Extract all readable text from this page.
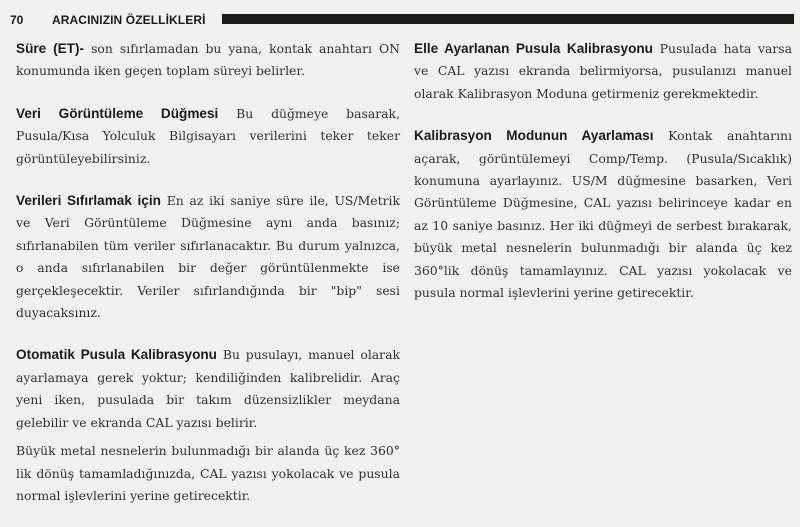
70 ARACINIZIN ÖZELLİKLERİ

Süre (ET)- son sıfırlamadan bu yana, kontak anahtarı ON konumunda iken geçen toplam süreyi belirler.

Veri Görüntüleme Düğmesi Bu düğmeye basarak, Pusula/Kısa Yolculuk Bilgisayarı verilerini teker teker görüntüleyebilirsiniz.

Verileri Sıfırlamak için En az iki saniye süre ile, US/Metrik ve Veri Görüntüleme Düğmesine aynı anda basınız; sıfırlanabilen tüm veriler sıfırlanacaktır. Bu durum yalnızca, o anda sıfırlanabilen bir değer görüntülenmekte ise gerçekleşecektir. Veriler sıfırlandığında bir "bip" sesi duyacaksınız.

Otomatik Pusula Kalibrasyonu Bu pusulayı, manuel olarak ayarlamaya gerek yoktur; kendiliğinden kalibrelidir. Araç yeni iken, pusulada bir takım düzensizlikler meydana gelebilir ve ekranda CAL yazısı belirir.

Büyük metal nesnelerin bulunmadığı bir alanda üç kez 360° lik dönüş tamamladığınızda, CAL yazısı yokolacak ve pusula normal işlevlerini yerine getirecektir.

Elle Ayarlanan Pusula Kalibrasyonu Pusulada hata varsa ve CAL yazısı ekranda belirmiyorsa, pusulanızı manuel olarak Kalibrasyon Moduna getirmeniz gerekmektedir.

Kalibrasyon Modunun Ayarlaması Kontak anahtarını açarak, görüntülemeyi Comp/Temp. (Pusula/Sıcaklık) konumuna ayarlayınız. US/M düğmesine basarken, Veri Görüntüleme Düğmesine, CAL yazısı belirinceye kadar en az 10 saniye basınız. Her iki düğmeyi de serbest bırakarak, büyük metal nesnelerin bulunmadığı bir alanda üç kez 360°lik dönüş tamamlayınız. CAL yazısı yokolacak ve pusula normal işlevlerini yerine getirecektir.
